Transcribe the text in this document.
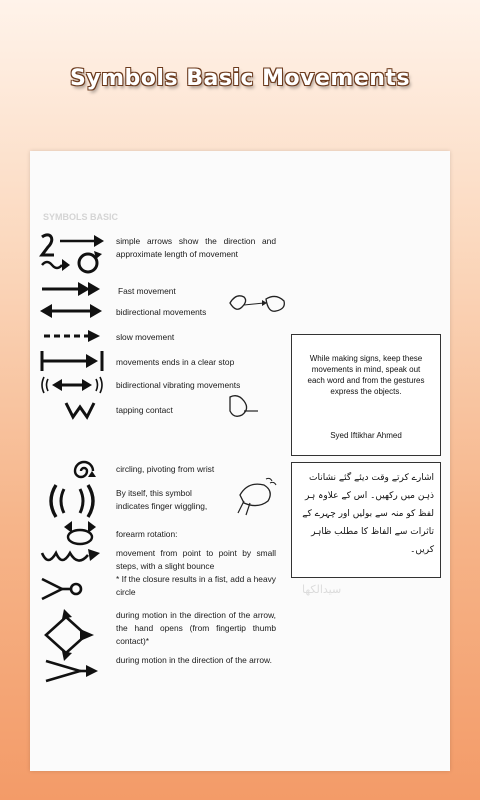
Symbols Basic Movements
SYMBOLS BASIC
simple arrows show the direction and approximate length of movement
Fast movement
bidirectional movements
slow movement
movements ends in a clear stop
bidirectional vibrating movements
tapping contact
circling, pivoting from wrist
By itself, this symbol indicates finger wiggling,
forearm rotation:
movement from point to point by small steps, with a slight bounce
* If the closure results in a fist, add a heavy circle
during motion in the direction of the arrow, the hand opens (from fingertip thumb contact)*
during motion in the direction of the arrow.
While making signs, keep these movements in mind, speak out each word and from the gestures express the objects.
Syed Iftikhar Ahmed
اشارے کرتے وقت دیئے گئے نشانات ذہن میں رکھیں۔ اس کے علاوہ ہر لفظ کو منہ سے بولیں اور چہرے کے تاثرات سے الفاظ کا مطلب ظاہر کریں۔
سیدالکھا
